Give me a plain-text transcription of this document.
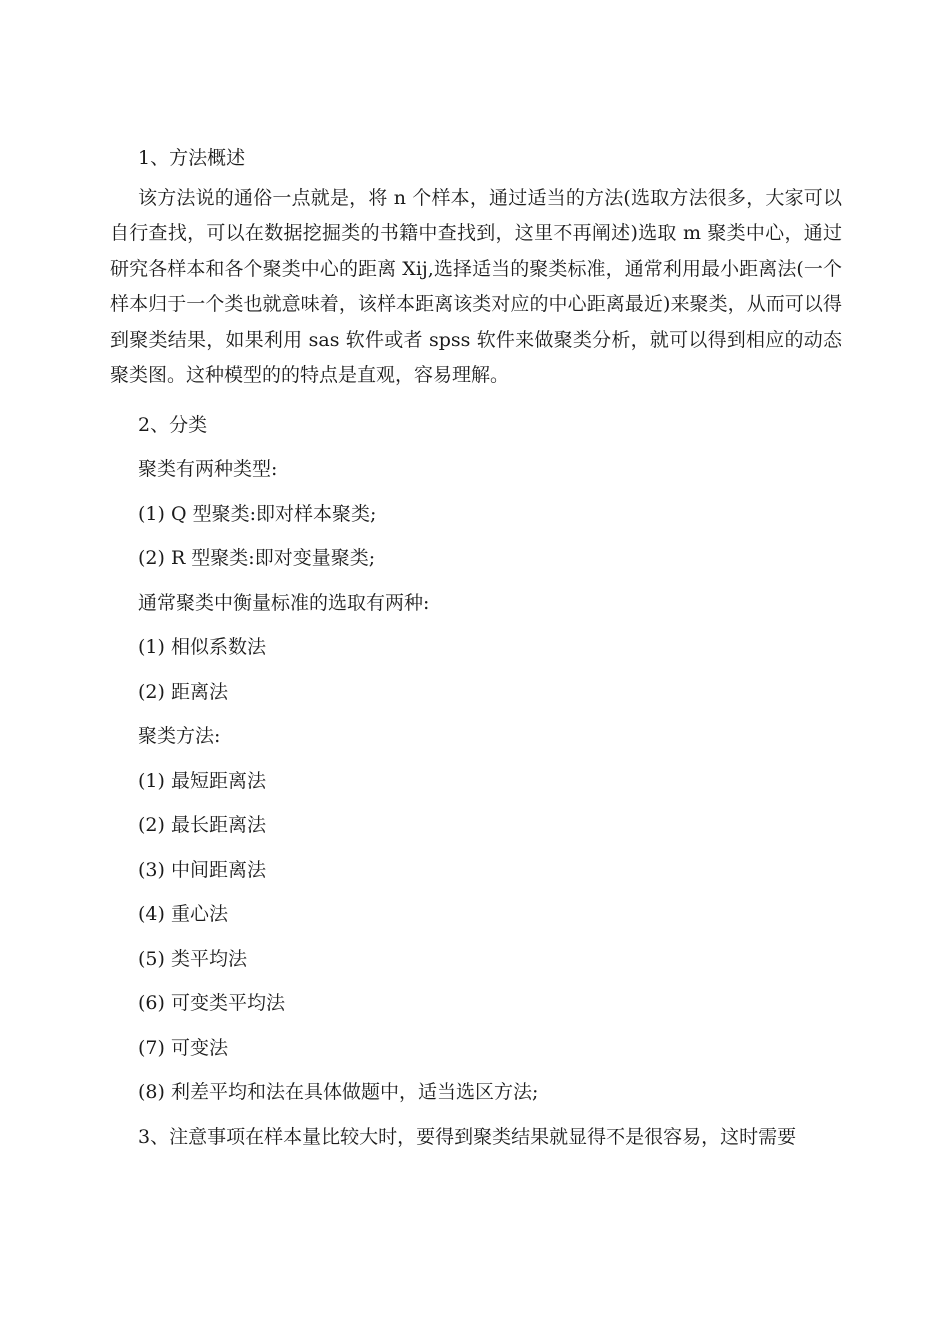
1、方法概述

该方法说的通俗一点就是，将 n 个样本，通过适当的方法(选取方法很多，大家可以自行查找，可以在数据挖掘类的书籍中查找到，这里不再阐述)选取 m 聚类中心，通过研究各样本和各个聚类中心的距离 Xij,选择适当的聚类标准，通常利用最小距离法(一个样本归于一个类也就意味着，该样本距离该类对应的中心距离最近)来聚类，从而可以得到聚类结果，如果利用 sas 软件或者 spss 软件来做聚类分析，就可以得到相应的动态聚类图。这种模型的的特点是直观，容易理解。

2、分类

聚类有两种类型:

(1) Q 型聚类:即对样本聚类;

(2) R 型聚类:即对变量聚类;

通常聚类中衡量标准的选取有两种:

(1) 相似系数法

(2) 距离法

聚类方法:

(1) 最短距离法

(2) 最长距离法

(3) 中间距离法

(4) 重心法

(5) 类平均法

(6) 可变类平均法

(7) 可变法

(8) 利差平均和法在具体做题中，适当选区方法;

3、注意事项在样本量比较大时，要得到聚类结果就显得不是很容易，这时需要
